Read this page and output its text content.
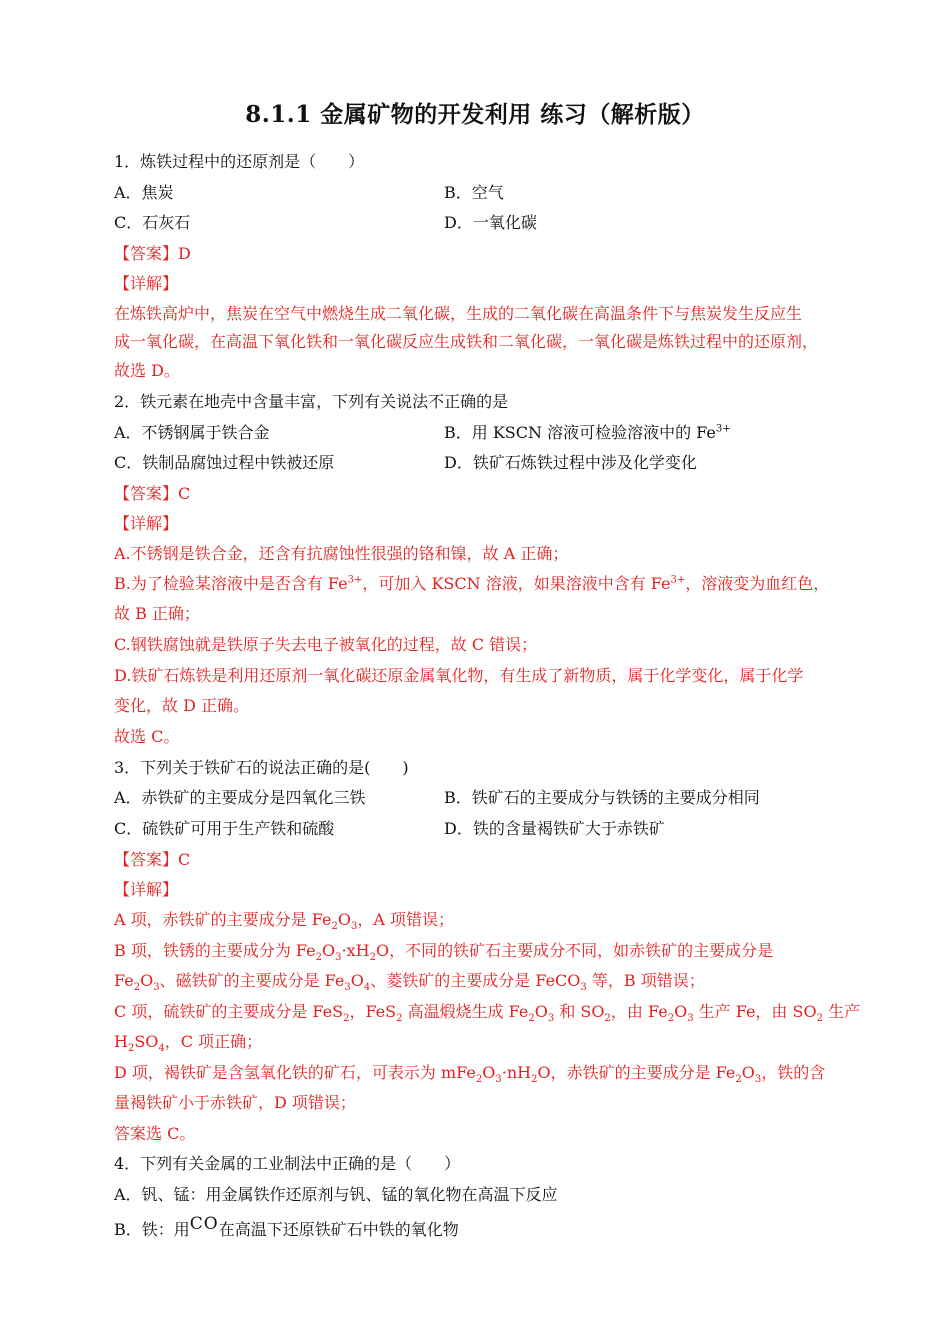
8.1.1 金属矿物的开发利用 练习（解析版）
1．炼铁过程中的还原剂是（　　）
A．焦炭	B．空气
C．石灰石	D．一氧化碳
【答案】D
【详解】
在炼铁高炉中，焦炭在空气中燃烧生成二氧化碳，生成的二氧化碳在高温条件下与焦炭发生反应生
成一氧化碳，在高温下氧化铁和一氧化碳反应生成铁和二氧化碳，一氧化碳是炼铁过程中的还原剂，
故选 D。
2．铁元素在地壳中含量丰富，下列有关说法不正确的是
A．不锈钢属于铁合金	B．用 KSCN 溶液可检验溶液中的 $Fe^{3+}$
C．铁制品腐蚀过程中铁被还原	D．铁矿石炼铁过程中涉及化学变化
【答案】C
【详解】
A.不锈钢是铁合金，还含有抗腐蚀性很强的铬和镍，故 A 正确；
B.为了检验某溶液中是否含有 $Fe^{3+}$，可加入 KSCN 溶液，如果溶液中含有 $Fe^{3+}$，溶液变为血红色，
故 B 正确；
C.钢铁腐蚀就是铁原子失去电子被氧化的过程，故 C 错误；
D.铁矿石炼铁是利用还原剂一氧化碳还原金属氧化物，有生成了新物质，属于化学变化，属于化学
变化，故 D 正确。
故选 C。
3．下列关于铁矿石的说法正确的是(　　)
A．赤铁矿的主要成分是四氧化三铁	B．铁矿石的主要成分与铁锈的主要成分相同
C．硫铁矿可用于生产铁和硫酸	D．铁的含量褐铁矿大于赤铁矿
【答案】C
【详解】
A 项，赤铁矿的主要成分是 $Fe_2O_3$，A 项错误；
B 项，铁锈的主要成分为 $Fe_2O_3\cdot xH_2O$，不同的铁矿石主要成分不同，如赤铁矿的主要成分是
$Fe_2O_3$、磁铁矿的主要成分是 $Fe_3O_4$、菱铁矿的主要成分是 FeCO$_3$ 等，B 项错误；
C 项，硫铁矿的主要成分是 FeS$_2$，FeS$_2$ 高温煅烧生成 $Fe_2O_3$ 和 $SO_2$，由 $Fe_2O_3$ 生产 Fe，由 $SO_2$ 生产
$H_2SO_4$，C 项正确；
D 项，褐铁矿是含氢氧化铁的矿石，可表示为 $mFe_2O_3\cdot nH_2O$，赤铁矿的主要成分是 $Fe_2O_3$，铁的含
量褐铁矿小于赤铁矿，D 项错误；
答案选 C。
4．下列有关金属的工业制法中正确的是（　　）
A．钒、锰：用金属铁作还原剂与钒、锰的氧化物在高温下反应
B．铁：用CO在高温下还原铁矿石中铁的氧化物
